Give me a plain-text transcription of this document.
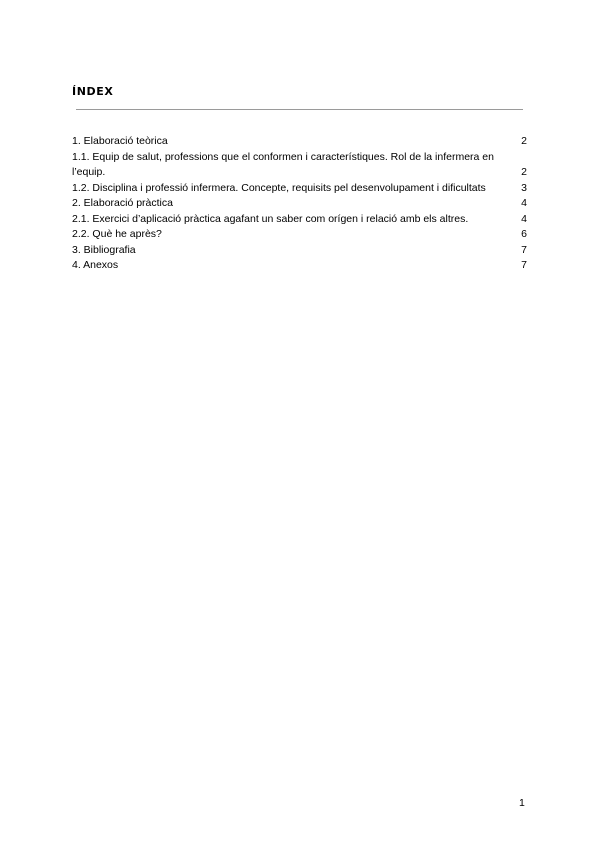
ÍNDEX
1. Elaboració teòrica	2
1.1. Equip de salut, professions que el conformen i característiques. Rol de la infermera en l’equip.	2
1.2. Disciplina i professió infermera. Concepte, requisits pel desenvolupament i dificultats	3
2. Elaboració pràctica	4
2.1. Exercici d’aplicació pràctica agafant un saber com orígen i relació amb els altres.	4
2.2. Què he après?	6
3. Bibliografia	7
4. Anexos	7
1
